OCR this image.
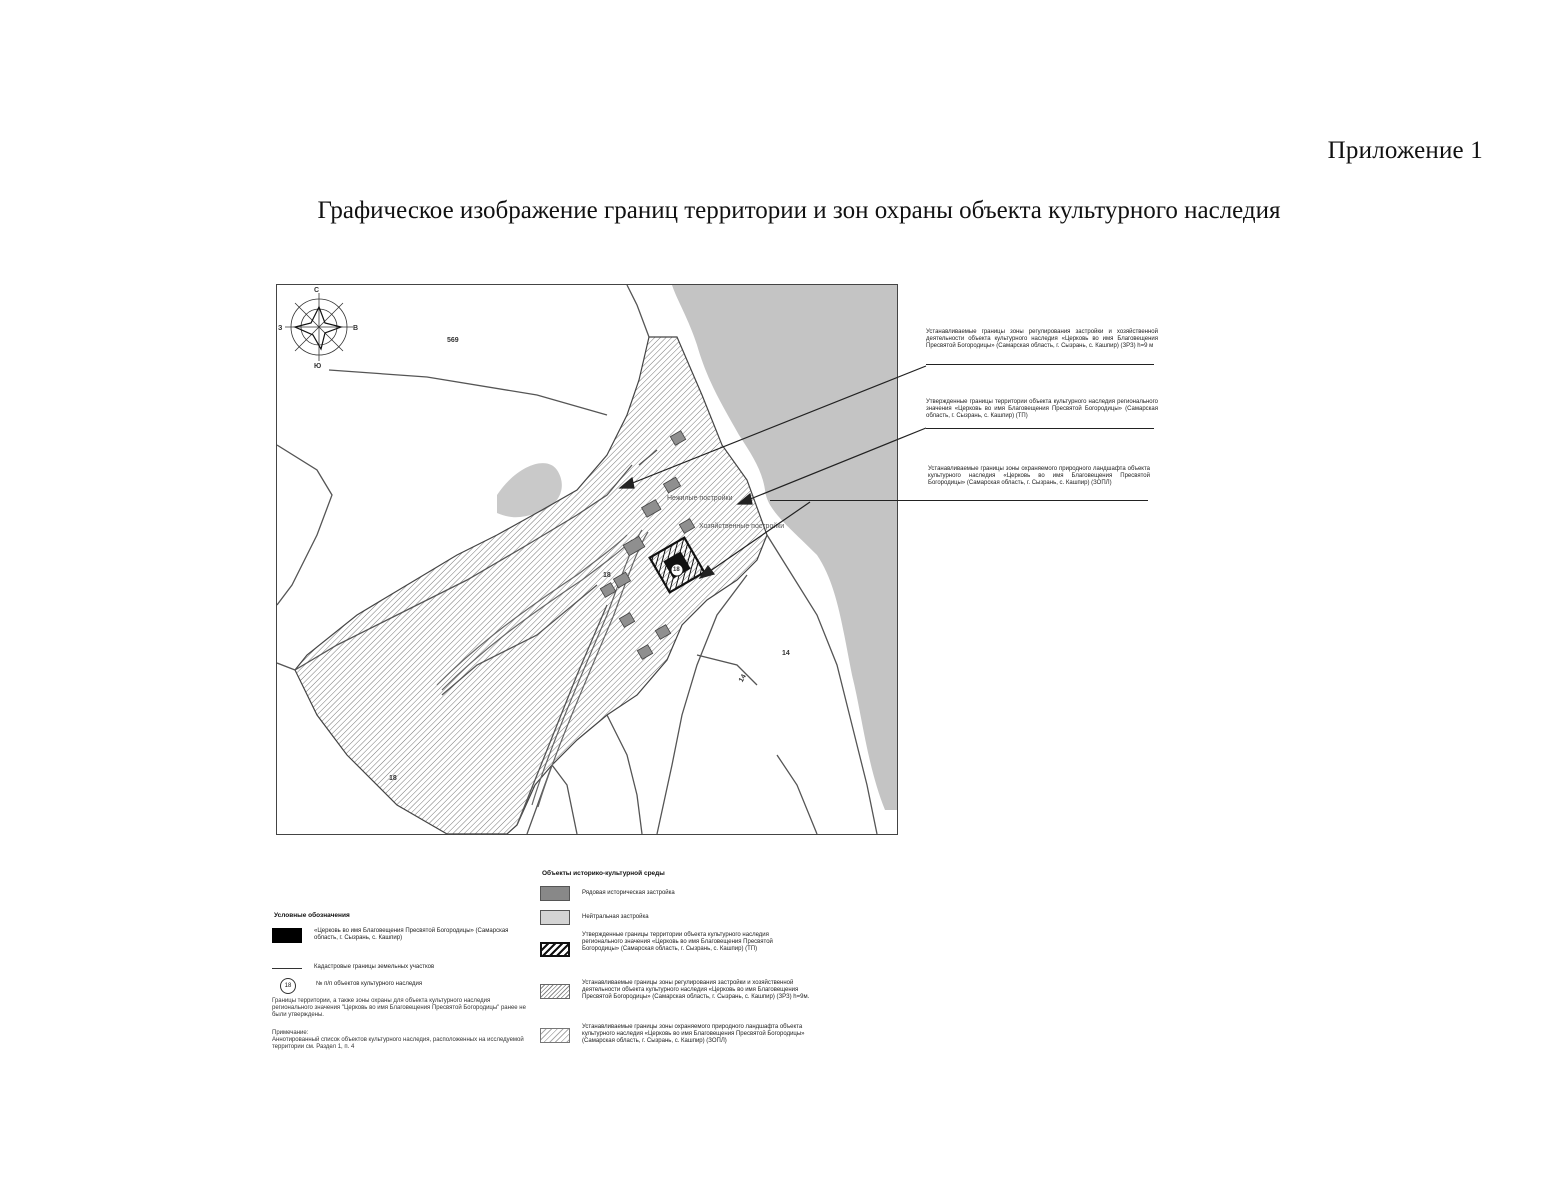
Приложение 1
Графическое изображение границ территории и зон охраны объекта культурного наследия
С
Ю
З	В
569
14
14
18
18
Нежилые постройки
Хозяйственные постройки
18
Устанавливаемые границы зоны регулирования застройки и хозяйственной деятельности объекта культурного наследия «Церковь во имя Благовещения Пресвятой Богородицы» (Самарская область, г. Сызрань, с. Кашпир) (ЗРЗ) h=9 м
Утвержденные границы территории объекта культурного наследия регионального значения «Церковь во имя Благовещения Пресвятой Богородицы» (Самарская область, г. Сызрань, с. Кашпир) (ТП)
Устанавливаемые границы зоны охраняемого природного ландшафта объекта культурного наследия «Церковь во имя Благовещения Пресвятой Богородицы» (Самарская область, г. Сызрань, с. Кашпир) (ЗОПЛ)
Условные обозначения
«Церковь во имя Благовещения Пресвятой Богородицы» (Самарская область, г. Сызрань, с. Кашпир)
Кадастровые границы земельных участков
18	№ п/п объектов культурного наследия
Границы территории, а также зоны охраны для объекта культурного наследия регионального значения "Церковь во имя Благовещения Пресвятой Богородицы" ранее не были утверждены.
Примечание:
Аннотированный список объектов культурного наследия, расположенных на исследуемой территории см. Раздел 1, п. 4
Объекты историко-культурной среды
Рядовая историческая застройка
Нейтральная застройка
Утвержденные границы территории объекта культурного наследия регионального значения «Церковь во имя Благовещения Пресвятой Богородицы» (Самарская область, г. Сызрань, с. Кашпир) (ТП)
Устанавливаемые границы зоны регулирования застройки и хозяйственной деятельности объекта культурного наследия «Церковь во имя Благовещения Пресвятой Богородицы» (Самарская область, г. Сызрань, с. Кашпир) (ЗРЗ) h=9м.
Устанавливаемые границы зоны охраняемого природного ландшафта объекта культурного наследия «Церковь во имя Благовещения Пресвятой Богородицы» (Самарская область, г. Сызрань, с. Кашпир) (ЗОПЛ)
